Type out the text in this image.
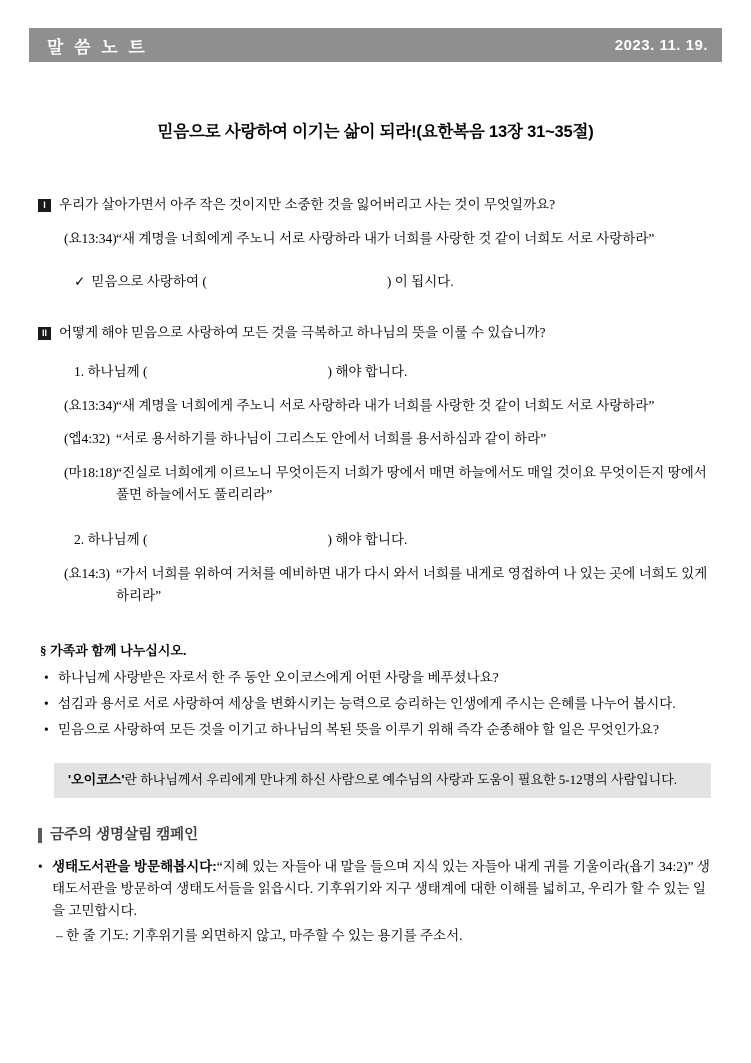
말 씀 노 트	2023. 11. 19.
믿음으로 사랑하여 이기는 삶이 되라!(요한복음 13장 31~35절)
I 우리가 살아가면서 아주 작은 것이지만 소중한 것을 잃어버리고 사는 것이 무엇일까요?
(요13:34) “새 계명을 너희에게 주노니 서로 사랑하라 내가 너희를 사랑한 것 같이 너희도 서로 사랑하라”
✓ 믿음으로 사랑하여 (	) 이 됩시다.
II 어떻게 해야 믿음으로 사랑하여 모든 것을 극복하고 하나님의 뜻을 이룰 수 있습니까?
1. 하나님께 (	) 해야 합니다.
(요13:34) “새 계명을 너희에게 주노니 서로 사랑하라 내가 너희를 사랑한 것 같이 너희도 서로 사랑하라”
(엡4:32) “서로 용서하기를 하나님이 그리스도 안에서 너희를 용서하심과 같이 하라”
(마18:18) “진실로 너희에게 이르노니 무엇이든지 너희가 땅에서 매면 하늘에서도 매일 것이요 무엇이든지 땅에서 풀면 하늘에서도 풀리리라”
2. 하나님께 (	) 해야 합니다.
(요14:3) “가서 너희를 위하여 거처를 예비하면 내가 다시 와서 너희를 내게로 영접하여 나 있는 곳에 너희도 있게 하리라”
§ 가족과 함께 나누십시오.
• 하나님께 사랑받은 자로서 한 주 동안 오이코스에게 어떤 사랑을 베푸셨나요?
• 섬김과 용서로 서로 사랑하여 세상을 변화시키는 능력으로 승리하는 인생에게 주시는 은혜를 나누어 봅시다.
• 믿음으로 사랑하여 모든 것을 이기고 하나님의 복된 뜻을 이루기 위해 즉각 순종해야 할 일은 무엇인가요?
'오이코스'란 하나님께서 우리에게 만나게 하신 사람으로 예수님의 사랑과 도움이 필요한 5-12명의 사람입니다.
금주의 생명살림 캠페인
• 생태도서관을 방문해봅시다:“지혜 있는 자들아 내 말을 들으며 지식 있는 자들아 내게 귀를 기울이라(욥기 34:2)” 생태도서관을 방문하여 생태도서들을 읽읍시다. 기후위기와 지구 생태계에 대한 이해를 넓히고, 우리가 할 수 있는 일을 고민합시다.
– 한 줄 기도: 기후위기를 외면하지 않고, 마주할 수 있는 용기를 주소서.
